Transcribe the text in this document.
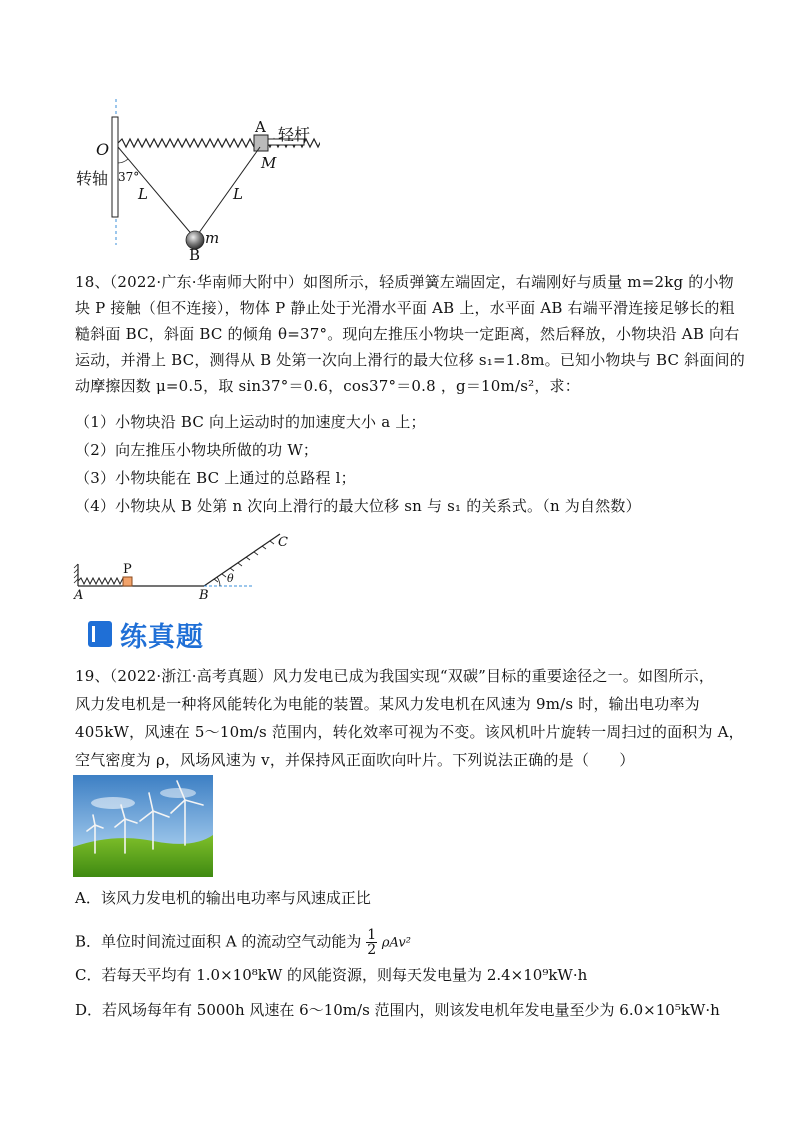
A 轻杆
O
M
转轴 37°
L	L
m
B
18、（2022·广东·华南师大附中）如图所示，轻质弹簧左端固定，右端刚好与质量 m=2kg 的小物
块 P 接触（但不连接），物体 P 静止处于光滑水平面 AB 上，水平面 AB 右端平滑连接足够长的粗
糙斜面 BC，斜面 BC 的倾角 θ=37°。现向左推压小物块一定距离，然后释放，小物块沿 AB 向右
运动，并滑上 BC，测得从 B 处第一次向上滑行的最大位移 s₁=1.8m。已知小物块与 BC 斜面间的
动摩擦因数 μ=0.5，取 sin37°＝0.6，cos37°＝0.8 ，g＝10m/s²，求：
（1）小物块沿 BC 向上运动时的加速度大小 a 上；
（2）向左推压小物块所做的功 W；
（3）小物块能在 BC 上通过的总路程 l；
（4）小物块从 B 处第 n 次向上滑行的最大位移 sn 与 s₁ 的关系式。（n 为自然数）
P
C
A	B
θ
练真题
19、（2022·浙江·高考真题）风力发电已成为我国实现“双碳”目标的重要途径之一。如图所示，
风力发电机是一种将风能转化为电能的装置。某风力发电机在风速为 9m/s 时，输出电功率为
405kW，风速在 5～10m/s 范围内，转化效率可视为不变。该风机叶片旋转一周扫过的面积为 A，
空气密度为 ρ，风场风速为 v，并保持风正面吹向叶片。下列说法正确的是（　　）
A．该风力发电机的输出电功率与风速成正比
B．单位时间流过面积 A 的流动空气动能为 $\frac{1}{2} \rho Av^2$
C．若每天平均有 1.0×10⁸kW 的风能资源，则每天发电量为 2.4×10⁹kW·h
D．若风场每年有 5000h 风速在 6～10m/s 范围内，则该发电机年发电量至少为 6.0×10⁵kW·h
